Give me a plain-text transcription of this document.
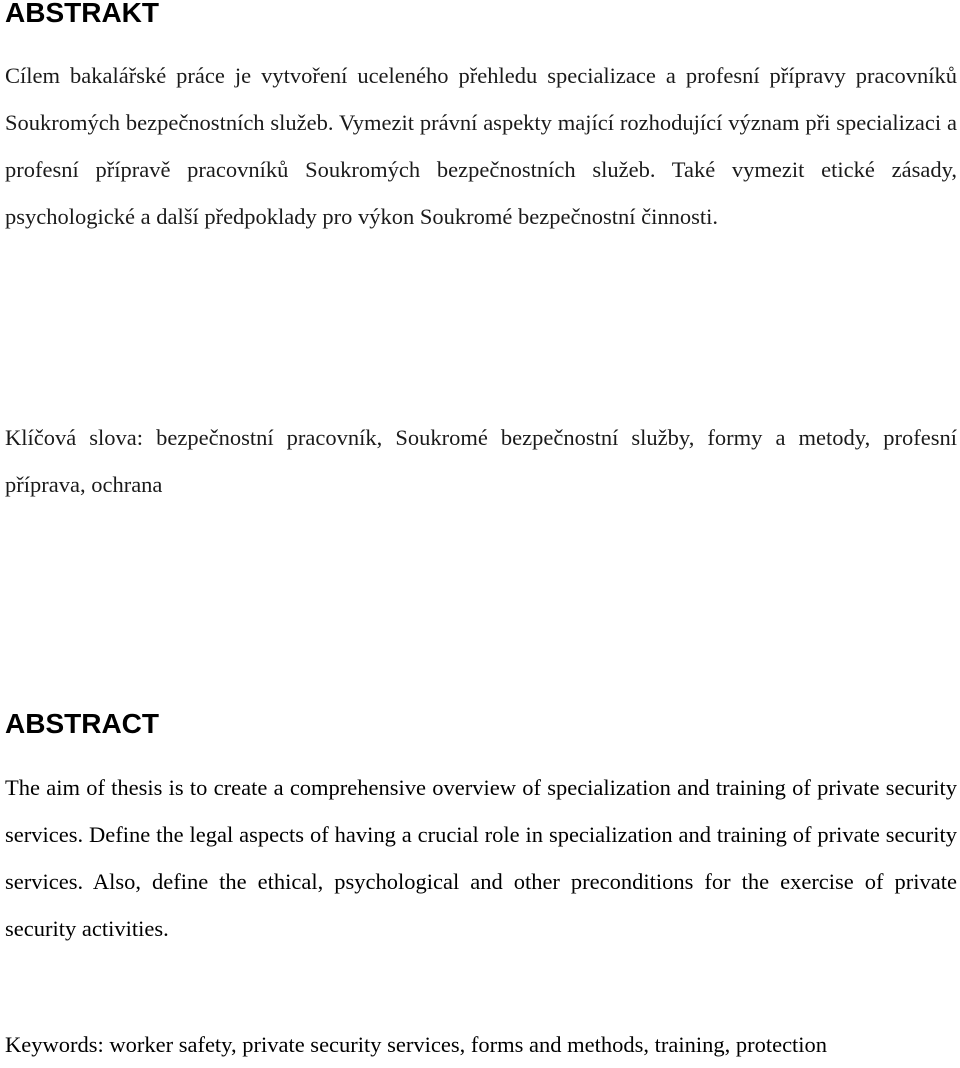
ABSTRAKT

Cílem bakalářské práce je vytvoření uceleného přehledu specializace a profesní přípravy pracovníků Soukromých bezpečnostních služeb. Vymezit právní aspekty mající rozhodující význam při specializaci a profesní přípravě pracovníků Soukromých bezpečnostních služeb. Také vymezit etické zásady, psychologické a další předpoklady pro výkon Soukromé bezpečnostní činnosti.

Klíčová slova: bezpečnostní pracovník, Soukromé bezpečnostní služby, formy a metody, profesní příprava, ochrana

ABSTRACT

The aim of thesis is to create a comprehensive overview of specialization and training of private security services. Define the legal aspects of having a crucial role in specialization and training of private security services. Also, define the ethical, psychological and other preconditions for the exercise of private security activities.

Keywords: worker safety, private security services, forms and methods, training, protection
